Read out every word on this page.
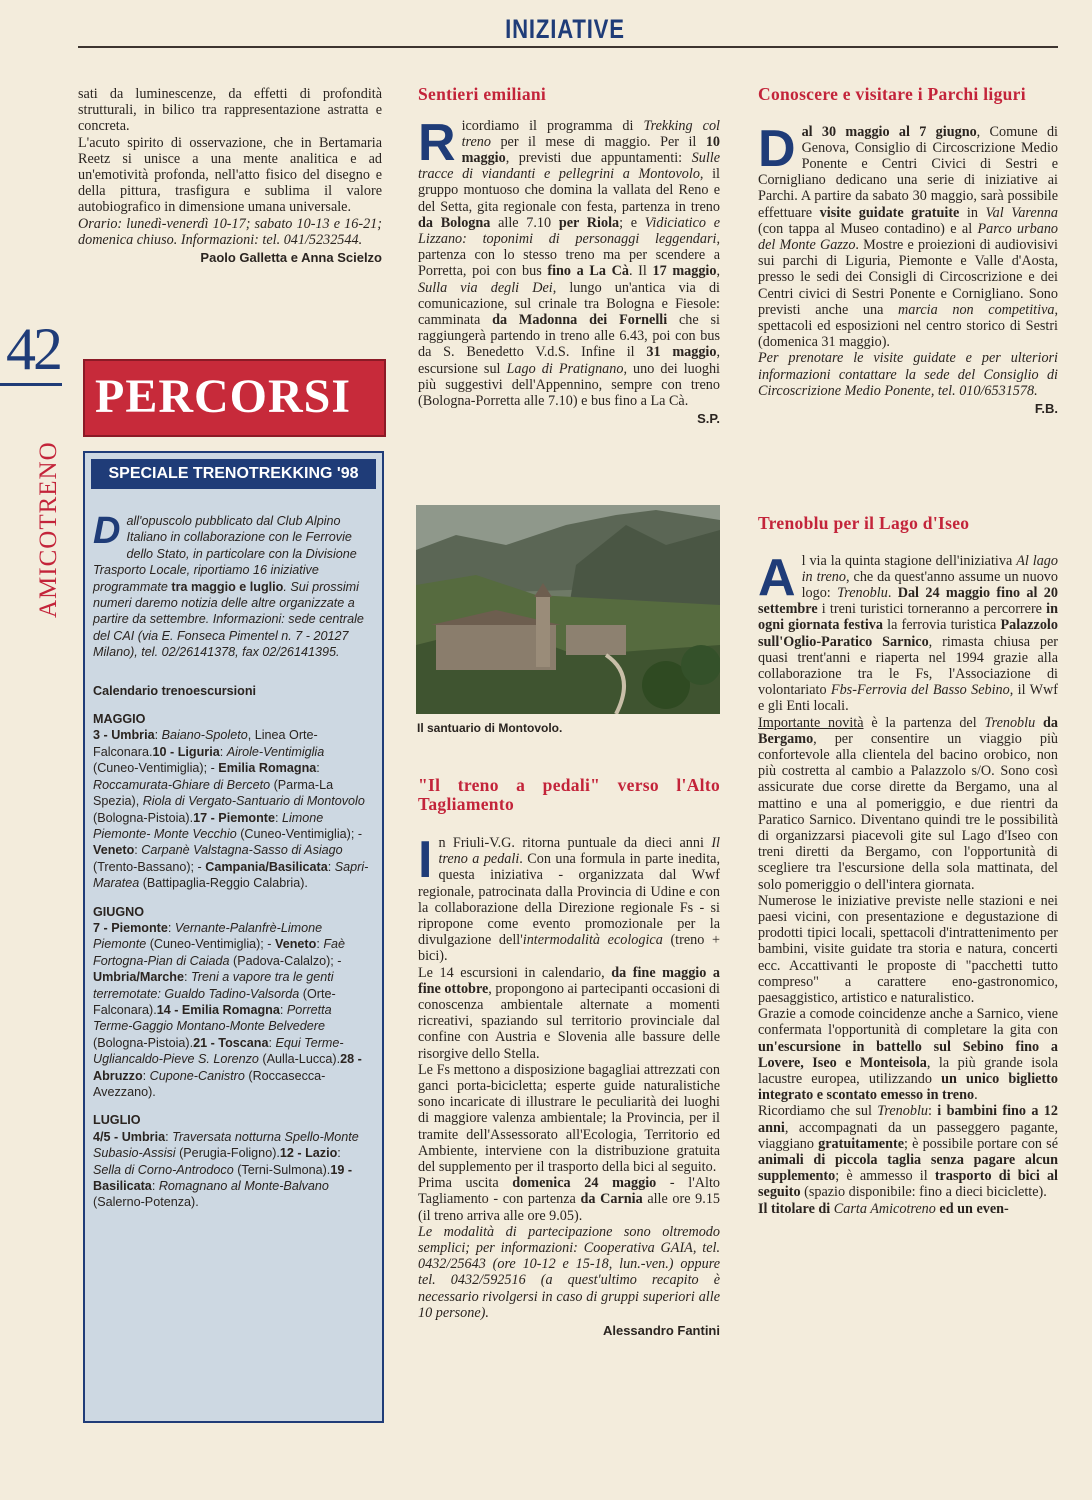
INIZIATIVE
42
AMICOTRENO

sati da luminescenze, da effetti di profondità strutturali, in bilico tra rappresentazione astratta e concreta.

L'acuto spirito di osservazione, che in Bertamaria Reetz si unisce a una mente analitica e ad un'emotività profonda, nell'atto fisico del disegno e della pittura, trasfigura e sublima il valore autobiografico in dimensione umana universale.

Orario: lunedì-venerdì 10-17; sabato 10-13 e 16-21; domenica chiuso. Informazioni: tel. 041/5232544.

Paolo Galletta e Anna Scielzo
PERCORSI
SPECIALE TRENOTREKKING '98

Dall'opuscolo pubblicato dal Club Alpino Italiano in collaborazione con le Ferrovie dello Stato, in particolare con la Divisione Trasporto Locale, riportiamo 16 iniziative programmate tra maggio e luglio. Sui prossimi numeri daremo notizia delle altre organizzate a partire da settembre. Informazioni: sede centrale del CAI (via E. Fonseca Pimentel n. 7 - 20127 Milano), tel. 02/26141378, fax 02/26141395.

Calendario trenoescursioni

MAGGIO

3 - Umbria: Baiano-Spoleto, Linea Orte-Falconara.10 - Liguria: Airole-Ventimiglia (Cuneo-Ventimiglia); - Emilia Romagna: Roccamurata-Ghiare di Berceto (Parma-La Spezia), Riola di Vergato-Santuario di Montovolo (Bologna-Pistoia).17 - Piemonte: Limone Piemonte- Monte Vecchio (Cuneo-Ventimiglia); - Veneto: Carpanè Valstagna-Sasso di Asiago (Trento-Bassano); - Campania/Basilicata: Sapri-Maratea (Battipaglia-Reggio Calabria).

GIUGNO

7 - Piemonte: Vernante-Palanfrè-Limone Piemonte (Cuneo-Ventimiglia); - Veneto: Faè Fortogna-Pian di Caiada (Padova-Calalzo); - Umbria/Marche: Treni a vapore tra le genti terremotate: Gualdo Tadino-Valsorda (Orte-Falconara).14 - Emilia Romagna: Porretta Terme-Gaggio Montano-Monte Belvedere (Bologna-Pistoia).21 - Toscana: Equi Terme-Ugliancaldo-Pieve S. Lorenzo (Aulla-Lucca).28 - Abruzzo: Cupone-Canistro (Roccasecca-Avezzano).

LUGLIO

4/5 - Umbria: Traversata notturna Spello-Monte Subasio-Assisi (Perugia-Foligno).12 - Lazio: Sella di Corno-Antrodoco (Terni-Sulmona).19 - Basilicata: Romagnano al Monte-Balvano (Salerno-Potenza).

Sentieri emiliani

Ricordiamo il programma di Trekking col treno per il mese di maggio. Per il 10 maggio, previsti due appuntamenti: Sulle tracce di viandanti e pellegrini a Montovolo, il gruppo montuoso che domina la vallata del Reno e del Setta, gita regionale con festa, partenza in treno da Bologna alle 7.10 per Riola; e Vidiciatico e Lizzano: toponimi di personaggi leggendari, partenza con lo stesso treno ma per scendere a Porretta, poi con bus fino a La Cà. Il 17 maggio, Sulla via degli Dei, lungo un'antica via di comunicazione, sul crinale tra Bologna e Fiesole: camminata da Madonna dei Fornelli che si raggiungerà partendo in treno alle 6.43, poi con bus da S. Benedetto V.d.S. Infine il 31 maggio, escursione sul Lago di Pratignano, uno dei luoghi più suggestivi dell'Appennino, sempre con treno (Bologna-Porretta alle 7.10) e bus fino a La Cà.

S.P.
Il santuario di Montovolo.
"Il treno a pedali" verso l'Alto Tagliamento

In Friuli-V.G. ritorna puntuale da dieci anni Il treno a pedali. Con una formula in parte inedita, questa iniziativa - organizzata dal Wwf regionale, patrocinata dalla Provincia di Udine e con la collaborazione della Direzione regionale Fs - si ripropone come evento promozionale per la divulgazione dell'intermodalità ecologica (treno + bici).

Le 14 escursioni in calendario, da fine maggio a fine ottobre, propongono ai partecipanti occasioni di conoscenza ambientale alternate a momenti ricreativi, spaziando sul territorio provinciale dal confine con Austria e Slovenia alle bassure delle risorgive dello Stella.

Le Fs mettono a disposizione bagagliai attrezzati con ganci porta-bicicletta; esperte guide naturalistiche sono incaricate di illustrare le peculiarità dei luoghi di maggiore valenza ambientale; la Provincia, per il tramite dell'Assessorato all'Ecologia, Territorio ed Ambiente, interviene con la distribuzione gratuita del supplemento per il trasporto della bici al seguito.

Prima uscita domenica 24 maggio - l'Alto Tagliamento - con partenza da Carnia alle ore 9.15 (il treno arriva alle ore 9.05).

Le modalità di partecipazione sono oltremodo semplici; per informazioni: Cooperativa GAIA, tel. 0432/25643 (ore 10-12 e 15-18, lun.-ven.) oppure tel. 0432/592516 (a quest'ultimo recapito è necessario rivolgersi in caso di gruppi superiori alle 10 persone).

Alessandro Fantini
Conoscere e visitare i Parchi liguri

Dal 30 maggio al 7 giugno, Comune di Genova, Consiglio di Circoscrizione Medio Ponente e Centri Civici di Sestri e Cornigliano dedicano una serie di iniziative ai Parchi. A partire da sabato 30 maggio, sarà possibile effettuare visite guidate gratuite in Val Varenna (con tappa al Museo contadino) e al Parco urbano del Monte Gazzo. Mostre e proiezioni di audiovisivi sui parchi di Liguria, Piemonte e Valle d'Aosta, presso le sedi dei Consigli di Circoscrizione e dei Centri civici di Sestri Ponente e Cornigliano. Sono previsti anche una marcia non competitiva, spettacoli ed esposizioni nel centro storico di Sestri (domenica 31 maggio).

Per prenotare le visite guidate e per ulteriori informazioni contattare la sede del Consiglio di Circoscrizione Medio Ponente, tel. 010/6531578.

F.B.
Trenoblu per il Lago d'Iseo

Al via la quinta stagione dell'iniziativa Al lago in treno, che da quest'anno assume un nuovo logo: Trenoblu. Dal 24 maggio fino al 20 settembre i treni turistici torneranno a percorrere in ogni giornata festiva la ferrovia turistica Palazzolo sull'Oglio-Paratico Sarnico, rimasta chiusa per quasi trent'anni e riaperta nel 1994 grazie alla collaborazione tra le Fs, l'Associazione di volontariato Fbs-Ferrovia del Basso Sebino, il Wwf e gli Enti locali.

Importante novità è la partenza del Trenoblu da Bergamo, per consentire un viaggio più confortevole alla clientela del bacino orobico, non più costretta al cambio a Palazzolo s/O. Sono così assicurate due corse dirette da Bergamo, una al mattino e una al pomeriggio, e due rientri da Paratico Sarnico. Diventano quindi tre le possibilità di organizzarsi piacevoli gite sul Lago d'Iseo con treni diretti da Bergamo, con l'opportunità di scegliere tra l'escursione della sola mattinata, del solo pomeriggio o dell'intera giornata.

Numerose le iniziative previste nelle stazioni e nei paesi vicini, con presentazione e degustazione di prodotti tipici locali, spettacoli d'intrattenimento per bambini, visite guidate tra storia e natura, concerti ecc. Accattivanti le proposte di "pacchetti tutto compreso" a carattere eno-gastronomico, paesaggistico, artistico e naturalistico.

Grazie a comode coincidenze anche a Sarnico, viene confermata l'opportunità di completare la gita con un'escursione in battello sul Sebino fino a Lovere, Iseo e Monteisola, la più grande isola lacustre europea, utilizzando un unico biglietto integrato e scontato emesso in treno.

Ricordiamo che sul Trenoblu: i bambini fino a 12 anni, accompagnati da un passeggero pagante, viaggiano gratuitamente; è possibile portare con sé animali di piccola taglia senza pagare alcun supplemento; è ammesso il trasporto di bici al seguito (spazio disponibile: fino a dieci biciclette).

Il titolare di Carta Amicotreno ed un even-
